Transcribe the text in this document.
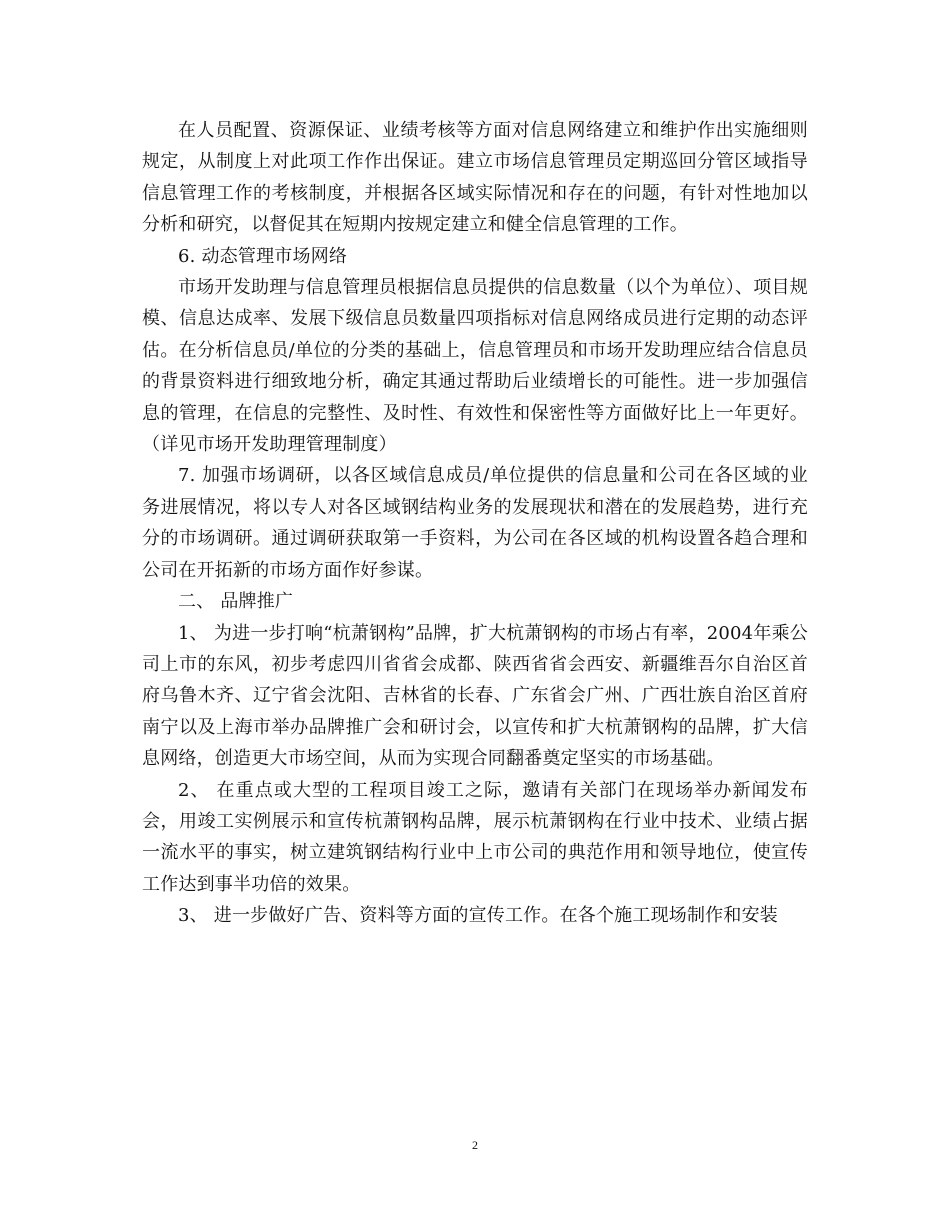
在人员配置、资源保证、业绩考核等方面对信息网络建立和维护作出实施细则规定，从制度上对此项工作作出保证。建立市场信息管理员定期巡回分管区域指导信息管理工作的考核制度，并根据各区域实际情况和存在的问题，有针对性地加以分析和研究，以督促其在短期内按规定建立和健全信息管理的工作。

6. 动态管理市场网络

市场开发助理与信息管理员根据信息员提供的信息数量（以个为单位）、项目规模、信息达成率、发展下级信息员数量四项指标对信息网络成员进行定期的动态评估。在分析信息员/单位的分类的基础上，信息管理员和市场开发助理应结合信息员的背景资料进行细致地分析，确定其通过帮助后业绩增长的可能性。进一步加强信息的管理，在信息的完整性、及时性、有效性和保密性等方面做好比上一年更好。（详见市场开发助理管理制度）

7. 加强市场调研，以各区域信息成员/单位提供的信息量和公司在各区域的业务进展情况，将以专人对各区域钢结构业务的发展现状和潜在的发展趋势，进行充分的市场调研。通过调研获取第一手资料，为公司在各区域的机构设置各趋合理和公司在开拓新的市场方面作好参谋。

二、 品牌推广

1、 为进一步打响“杭萧钢构”品牌，扩大杭萧钢构的市场占有率，2004年乘公司上市的东风，初步考虑四川省省会成都、陕西省省会西安、新疆维吾尔自治区首府乌鲁木齐、辽宁省会沈阳、吉林省的长春、广东省会广州、广西壮族自治区首府南宁以及上海市举办品牌推广会和研讨会，以宣传和扩大杭萧钢构的品牌，扩大信息网络，创造更大市场空间，从而为实现合同翻番奠定坚实的市场基础。

2、 在重点或大型的工程项目竣工之际，邀请有关部门在现场举办新闻发布会，用竣工实例展示和宣传杭萧钢构品牌，展示杭萧钢构在行业中技术、业绩占据一流水平的事实，树立建筑钢结构行业中上市公司的典范作用和领导地位，使宣传工作达到事半功倍的效果。

3、 进一步做好广告、资料等方面的宣传工作。在各个施工现场制作和安装

2
